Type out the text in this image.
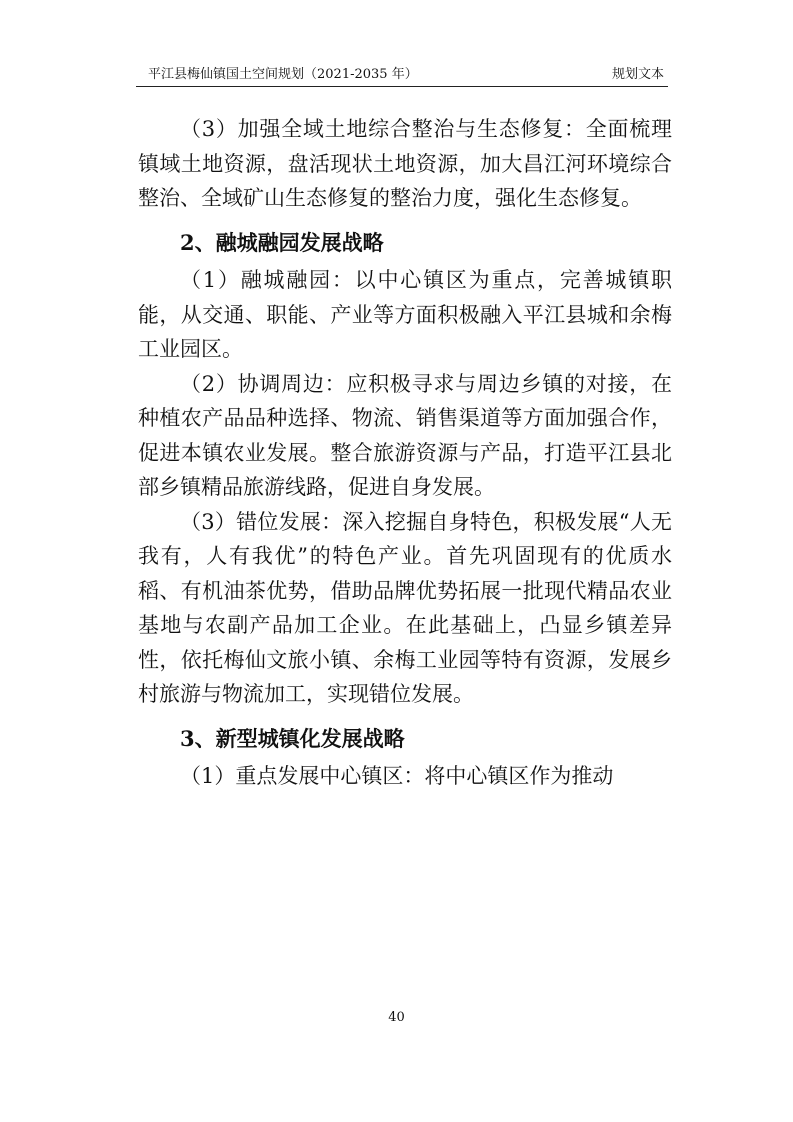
平江县梅仙镇国土空间规划（2021-2035 年）	规划文本

（3）加强全域土地综合整治与生态修复：全面梳理镇域土地资源，盘活现状土地资源，加大昌江河环境综合整治、全域矿山生态修复的整治力度，强化生态修复。

2、融城融园发展战略

（1）融城融园：以中心镇区为重点，完善城镇职能，从交通、职能、产业等方面积极融入平江县城和余梅工业园区。

（2）协调周边：应积极寻求与周边乡镇的对接，在种植农产品品种选择、物流、销售渠道等方面加强合作，促进本镇农业发展。整合旅游资源与产品，打造平江县北部乡镇精品旅游线路，促进自身发展。

（3）错位发展：深入挖掘自身特色，积极发展“人无我有，人有我优”的特色产业。首先巩固现有的优质水稻、有机油茶优势，借助品牌优势拓展一批现代精品农业基地与农副产品加工企业。在此基础上，凸显乡镇差异性，依托梅仙文旅小镇、余梅工业园等特有资源，发展乡村旅游与物流加工，实现错位发展。

3、新型城镇化发展战略

（1）重点发展中心镇区：将中心镇区作为推动

40
